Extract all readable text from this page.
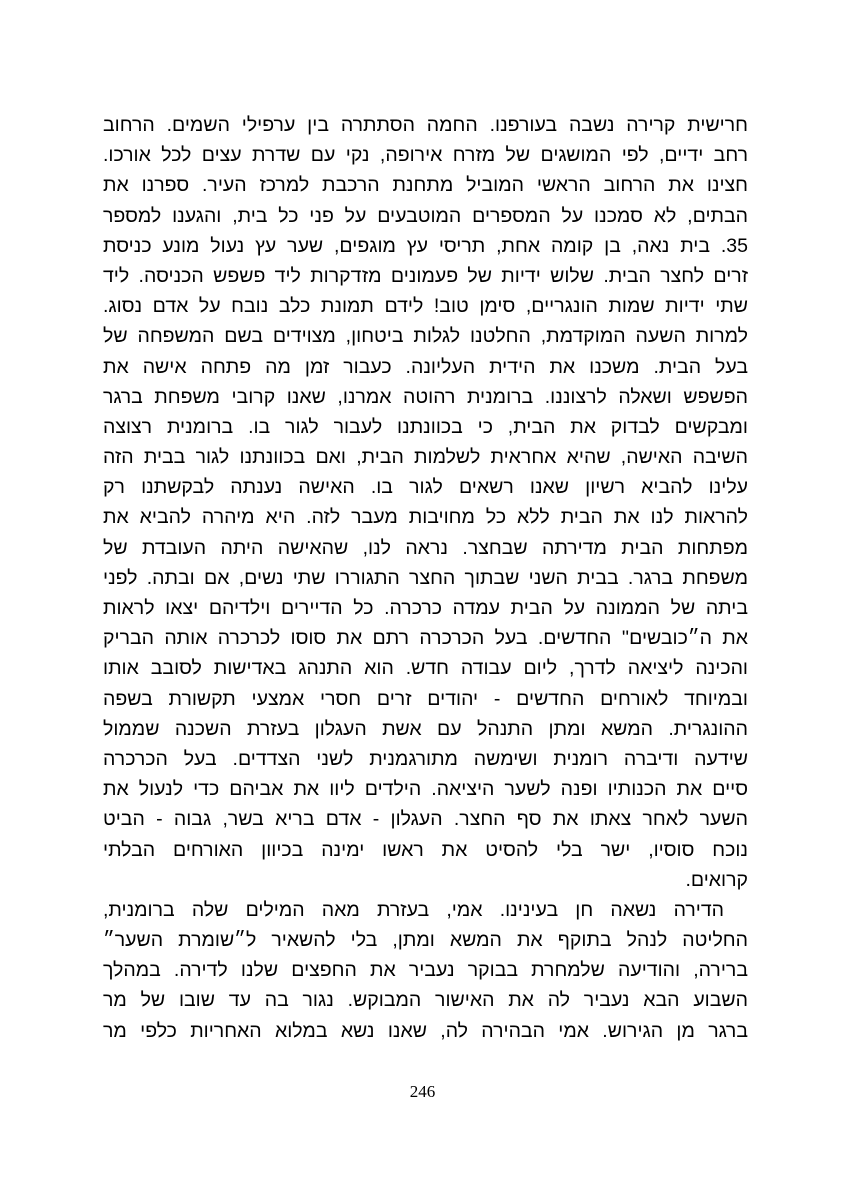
חרישית קרירה נשבה בעורפנו. החמה הסתתרה בין ערפילי השמים. הרחוב
רחב ידיים, לפי המושגים של מזרח אירופה, נקי עם שדרת עצים לכל אורכו.
חצינו את הרחוב הראשי המוביל מתחנת הרכבת למרכז העיר. ספרנו את
הבתים, לא סמכנו על המספרים המוטבעים על פני כל בית, והגענו למספר
35. בית נאה, בן קומה אחת, תריסי עץ מוגפים, שער עץ נעול מונע כניסת
זרים לחצר הבית. שלוש ידיות של פעמונים מזדקרות ליד פשפש הכניסה. ליד
שתי ידיות שמות הונגריים, סימן טוב! לידם תמונת כלב נובח על אדם נסוג.
למרות השעה המוקדמת, החלטנו לגלות ביטחון, מצוידים בשם המשפחה של
בעל הבית. משכנו את הידית העליונה. כעבור זמן מה פתחה אישה את
הפשפש ושאלה לרצוננו. ברומנית רהוטה אמרנו, שאנו קרובי משפחת ברגר
ומבקשים לבדוק את הבית, כי בכוונתנו לעבור לגור בו. ברומנית רצוצה
השיבה האישה, שהיא אחראית לשלמות הבית, ואם בכוונתנו לגור בבית הזה
עלינו להביא רשיון שאנו רשאים לגור בו. האישה נענתה לבקשתנו רק
להראות לנו את הבית ללא כל מחויבות מעבר לזה. היא מיהרה להביא את
מפתחות הבית מדירתה שבחצר. נראה לנו, שהאישה היתה העובדת של
משפחת ברגר. בבית השני שבתוך החצר התגוררו שתי נשים, אם ובתה. לפני
ביתה של הממונה על הבית עמדה כרכרה. כל הדיירים וילדיהם יצאו לראות
את ה״כובשים'' החדשים. בעל הכרכרה רתם את סוסו לכרכרה אותה הבריק
והכינה ליציאה לדרך, ליום עבודה חדש. הוא התנהג באדישות לסובב אותו
ובמיוחד לאורחים החדשים - יהודים זרים חסרי אמצעי תקשורת בשפה
ההונגרית. המשא ומתן התנהל עם אשת העגלון בעזרת השכנה שממול
שידעה ודיברה רומנית ושימשה מתורגמנית לשני הצדדים. בעל הכרכרה
סיים את הכנותיו ופנה לשער היציאה. הילדים ליוו את אביהם כדי לנעול את
השער לאחר צאתו את סף החצר. העגלון - אדם בריא בשר, גבוה - הביט
נוכח סוסיו, ישר בלי להסיט את ראשו ימינה בכיוון האורחים הבלתי
קרואים.
הדירה נשאה חן בעינינו. אמי, בעזרת מאה המילים שלה ברומנית,
החליטה לנהל בתוקף את המשא ומתן, בלי להשאיר ל״שומרת השער״
ברירה, והודיעה שלמחרת בבוקר נעביר את החפצים שלנו לדירה. במהלך
השבוע הבא נעביר לה את האישור המבוקש. נגור בה עד שובו של מר
ברגר מן הגירוש. אמי הבהירה לה, שאנו נשא במלוא האחריות כלפי מר
246
